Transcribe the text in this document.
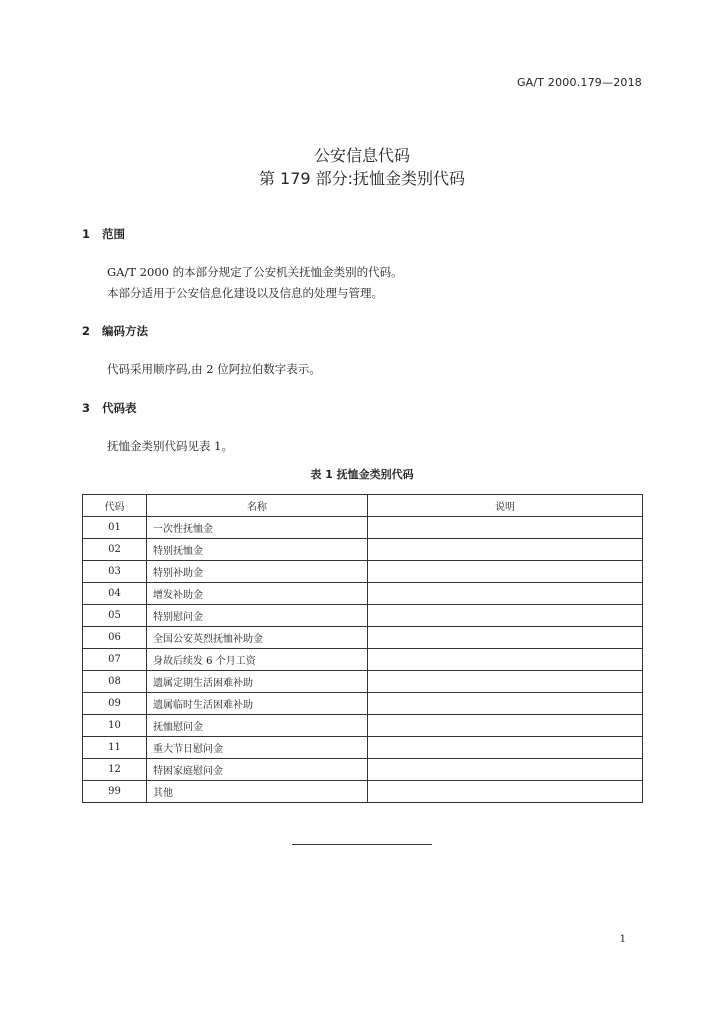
GA/T 2000.179—2018
公安信息代码
第 179 部分:抚恤金类别代码
1 范围
GA/T 2000 的本部分规定了公安机关抚恤金类别的代码。
本部分适用于公安信息化建设以及信息的处理与管理。
2 编码方法
代码采用顺序码,由 2 位阿拉伯数字表示。
3 代码表
抚恤金类别代码见表 1。
表 1 抚恤金类别代码
代码	名称	说明
01	一次性抚恤金	
02	特别抚恤金	
03	特别补助金	
04	增发补助金	
05	特别慰问金	
06	全国公安英烈抚恤补助金	
07	身故后续发 6 个月工资	
08	遗属定期生活困难补助	
09	遗属临时生活困难补助	
10	抚恤慰问金	
11	重大节日慰问金	
12	特困家庭慰问金	
99	其他	
1
